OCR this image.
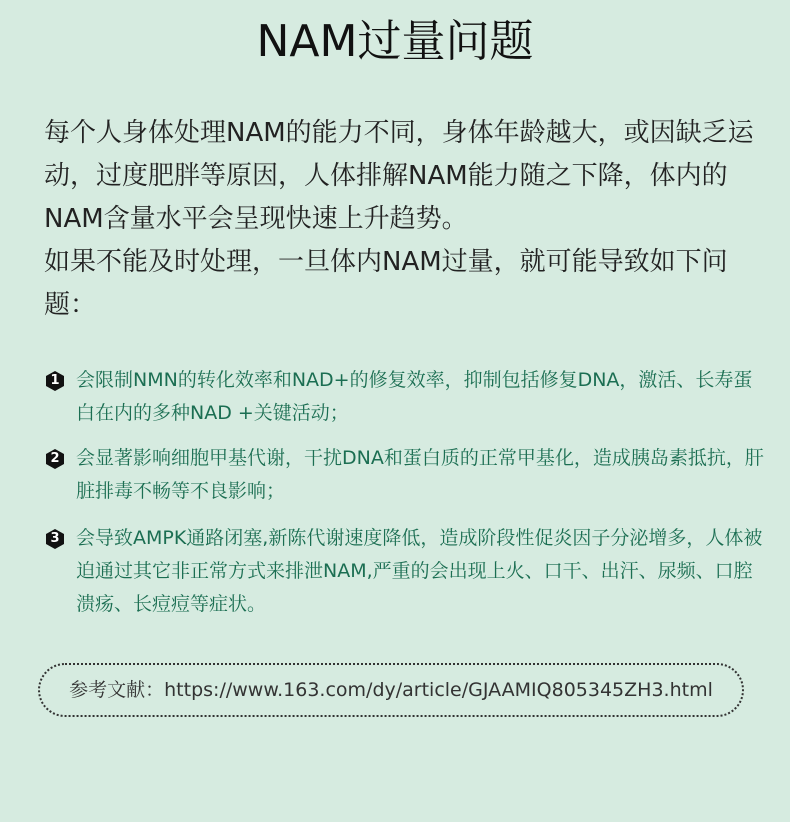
NAM过量问题

每个人身体处理NAM的能力不同，身体年龄越大，或因缺乏运动，过度肥胖等原因，人体排解NAM能力随之下降，体内的NAM含量水平会呈现快速上升趋势。

如果不能及时处理，一旦体内NAM过量，就可能导致如下问题：

1 会限制NMN的转化效率和NAD+的修复效率，抑制包括修复DNA，激活、长寿蛋白在内的多种NAD +关键活动；
2 会显著影响细胞甲基代谢，干扰DNA和蛋白质的正常甲基化，造成胰岛素抵抗，肝脏排毒不畅等不良影响；
3 会导致AMPK通路闭塞,新陈代谢速度降低，造成阶段性促炎因子分泌增多，人体被迫通过其它非正常方式来排泄NAM,严重的会出现上火、口干、出汗、尿频、口腔溃疡、长痘痘等症状。
参考文献：https://www.163.com/dy/article/GJAAMIQ805345ZH3.html
